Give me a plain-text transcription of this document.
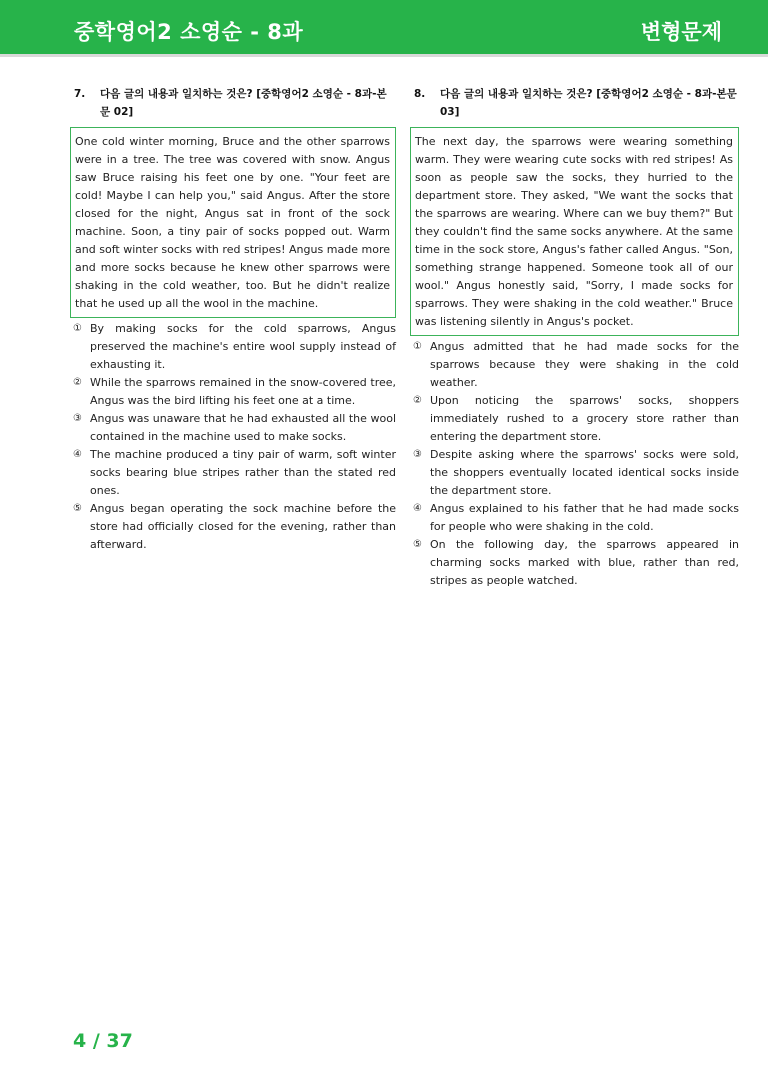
중학영어2 소영순 - 8과	변형문제
7.	다음 글의 내용과 일치하는 것은? [중학영어2 소영순 - 8과-본문 02]
One cold winter morning, Bruce and the other sparrows were in a tree. The tree was covered with snow. Angus saw Bruce raising his feet one by one. "Your feet are cold! Maybe I can help you," said Angus. After the store closed for the night, Angus sat in front of the sock machine. Soon, a tiny pair of socks popped out. Warm and soft winter socks with red stripes! Angus made more and more socks because he knew other sparrows were shaking in the cold weather, too. But he didn't realize that he used up all the wool in the machine.
① By making socks for the cold sparrows, Angus preserved the machine's entire wool supply instead of exhausting it.
② While the sparrows remained in the snow-covered tree, Angus was the bird lifting his feet one at a time.
③ Angus was unaware that he had exhausted all the wool contained in the machine used to make socks.
④ The machine produced a tiny pair of warm, soft winter socks bearing blue stripes rather than the stated red ones.
⑤ Angus began operating the sock machine before the store had officially closed for the evening, rather than afterward.
8.	다음 글의 내용과 일치하는 것은? [중학영어2 소영순 - 8과-본문 03]
The next day, the sparrows were wearing something warm. They were wearing cute socks with red stripes! As soon as people saw the socks, they hurried to the department store. They asked, "We want the socks that the sparrows are wearing. Where can we buy them?" But they couldn't find the same socks anywhere. At the same time in the sock store, Angus's father called Angus. "Son, something strange happened. Someone took all of our wool." Angus honestly said, "Sorry, I made socks for sparrows. They were shaking in the cold weather." Bruce was listening silently in Angus's pocket.
① Angus admitted that he had made socks for the sparrows because they were shaking in the cold weather.
② Upon noticing the sparrows' socks, shoppers immediately rushed to a grocery store rather than entering the department store.
③ Despite asking where the sparrows' socks were sold, the shoppers eventually located identical socks inside the department store.
④ Angus explained to his father that he had made socks for people who were shaking in the cold.
⑤ On the following day, the sparrows appeared in charming socks marked with blue, rather than red, stripes as people watched.
4 / 37
